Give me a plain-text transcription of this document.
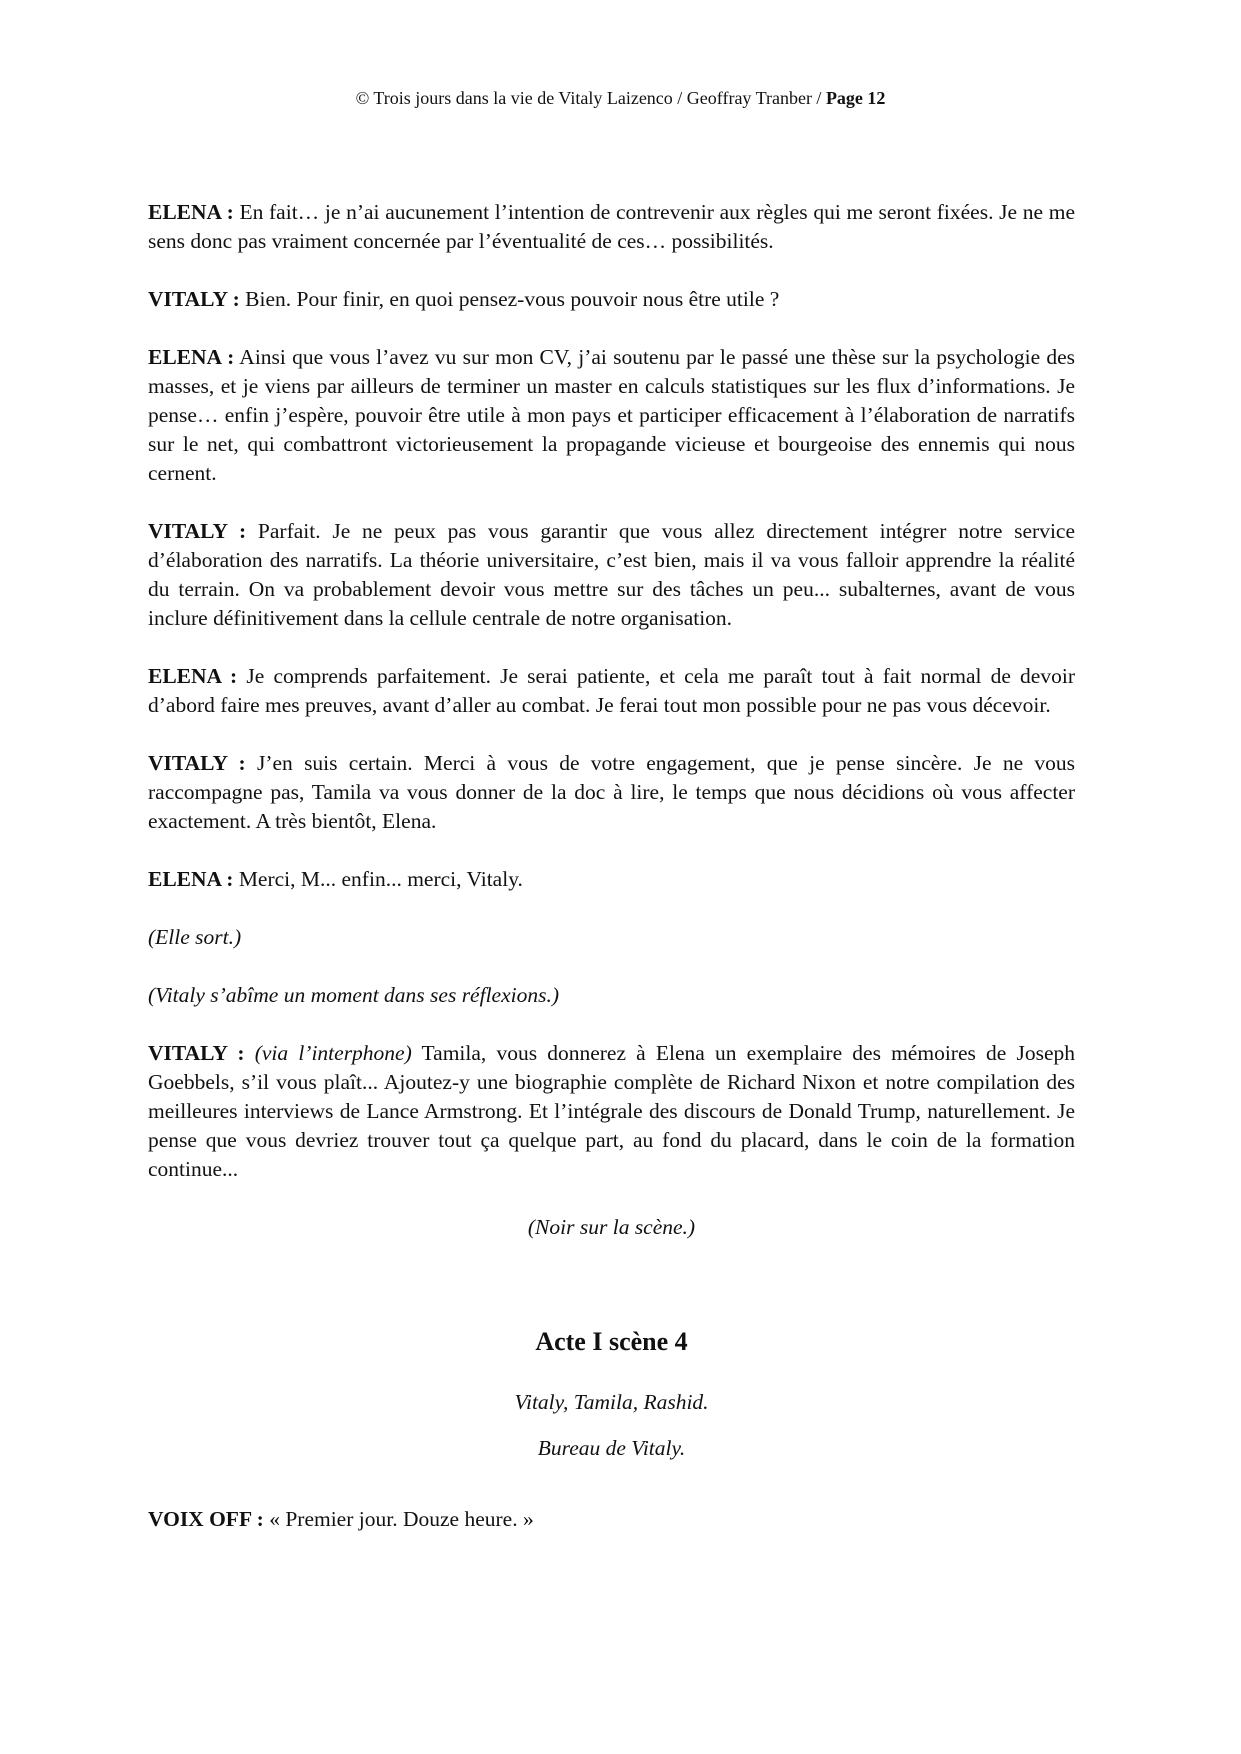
© Trois jours dans la vie de Vitaly Laizenco / Geoffray Tranber / Page 12

ELENA : En fait… je n’ai aucunement l’intention de contrevenir aux règles qui me seront fixées. Je ne me sens donc pas vraiment concernée par l’éventualité de ces… possibilités.

VITALY : Bien. Pour finir, en quoi pensez-vous pouvoir nous être utile ?

ELENA : Ainsi que vous l’avez vu sur mon CV, j’ai soutenu par le passé une thèse sur la psychologie des masses, et je viens par ailleurs de terminer un master en calculs statistiques sur les flux d’informations. Je pense… enfin j’espère, pouvoir être utile à mon pays et participer efficacement à l’élaboration de narratifs sur le net, qui combattront victorieusement la propagande vicieuse et bourgeoise des ennemis qui nous cernent.

VITALY : Parfait. Je ne peux pas vous garantir que vous allez directement intégrer notre service d’élaboration des narratifs. La théorie universitaire, c’est bien, mais il va vous falloir apprendre la réalité du terrain. On va probablement devoir vous mettre sur des tâches un peu... subalternes, avant de vous inclure définitivement dans la cellule centrale de notre organisation.

ELENA : Je comprends parfaitement. Je serai patiente, et cela me paraît tout à fait normal de devoir d’abord faire mes preuves, avant d’aller au combat. Je ferai tout mon possible pour ne pas vous décevoir.

VITALY : J’en suis certain. Merci à vous de votre engagement, que je pense sincère. Je ne vous raccompagne pas, Tamila va vous donner de la doc à lire, le temps que nous décidions où vous affecter exactement. A très bientôt, Elena.

ELENA : Merci, M... enfin... merci, Vitaly.

(Elle sort.)

(Vitaly s’abîme un moment dans ses réflexions.)

VITALY : (via l’interphone) Tamila, vous donnerez à Elena un exemplaire des mémoires de Joseph Goebbels, s’il vous plaît... Ajoutez-y une biographie complète de Richard Nixon et notre compilation des meilleures interviews de Lance Armstrong. Et l’intégrale des discours de Donald Trump, naturellement. Je pense que vous devriez trouver tout ça quelque part, au fond du placard, dans le coin de la formation continue...

(Noir sur la scène.)

Acte I scène 4

Vitaly, Tamila, Rashid.

Bureau de Vitaly.

VOIX OFF : « Premier jour. Douze heure. »
